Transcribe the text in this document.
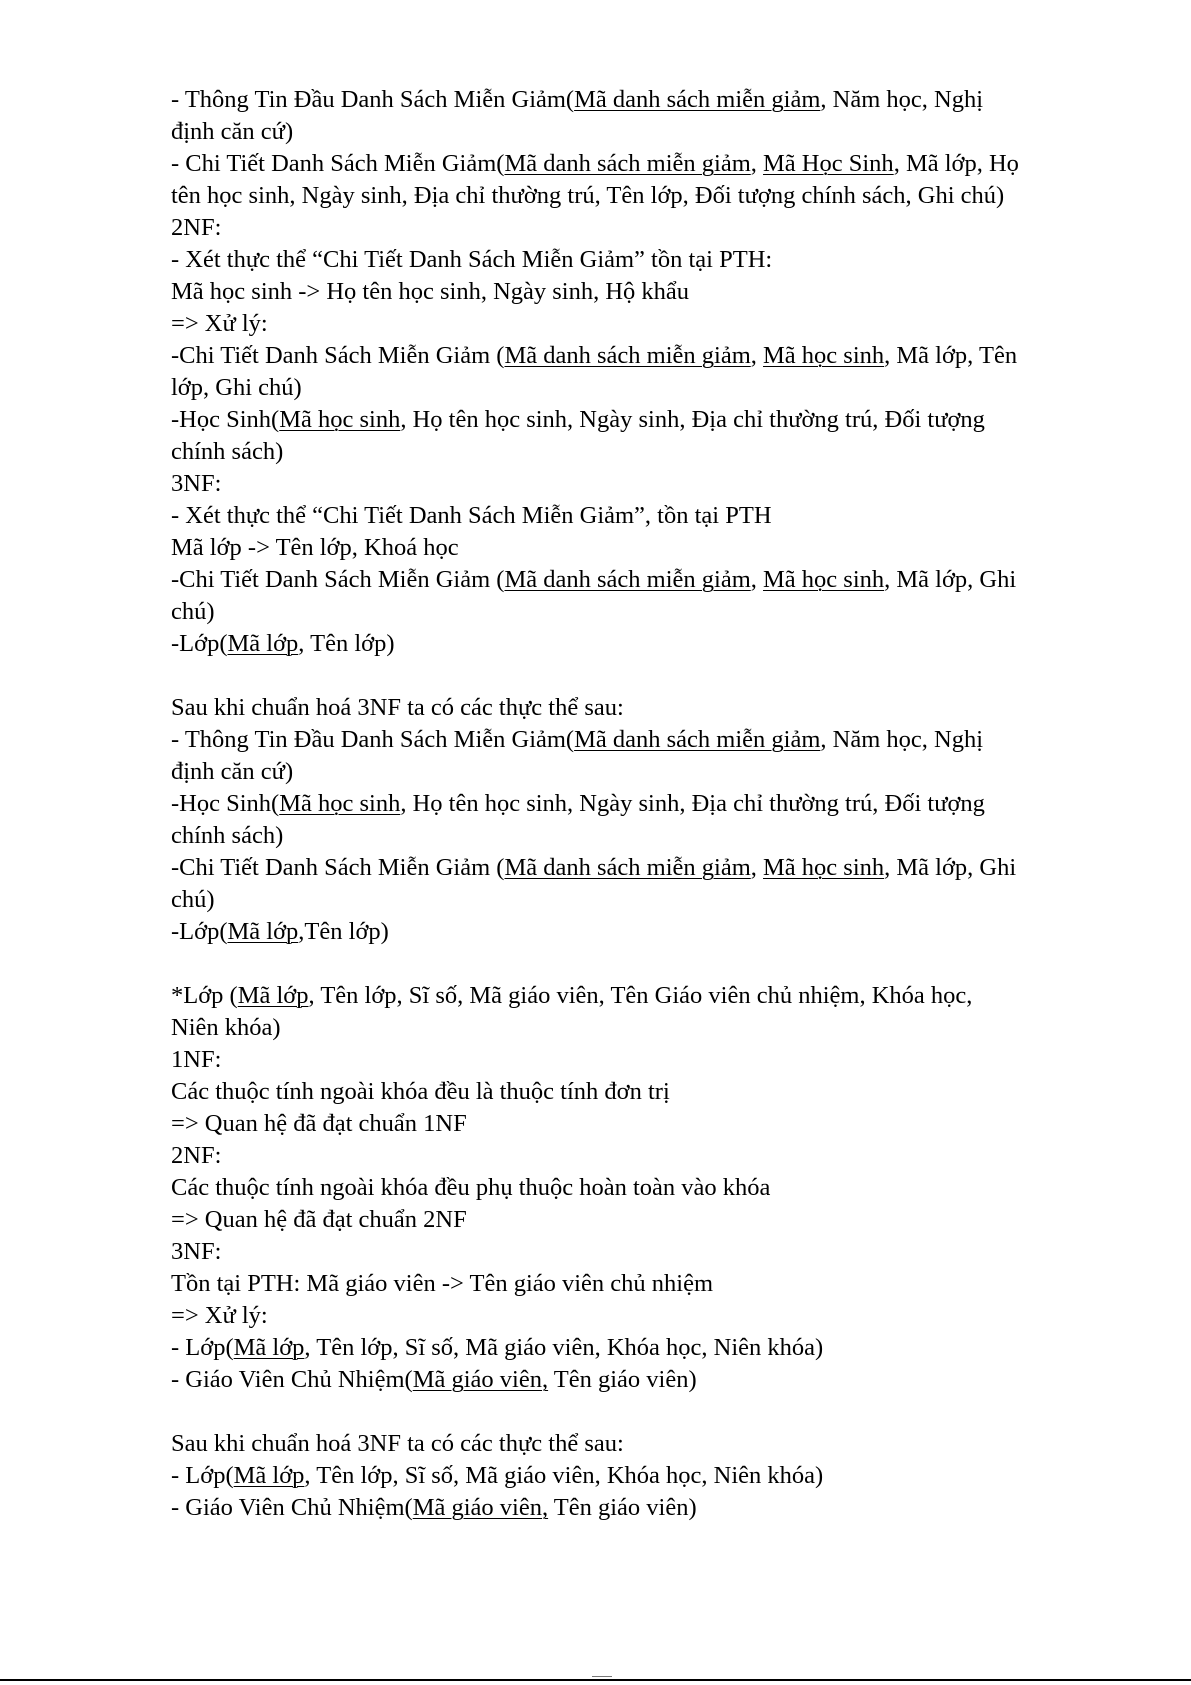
- Thông Tin Đầu Danh Sách Miễn Giảm(Mã danh sách miễn giảm, Năm học, Nghị
định căn cứ)
- Chi Tiết Danh Sách Miễn Giảm(Mã danh sách miễn giảm, Mã Học Sinh, Mã lớp, Họ
tên học sinh, Ngày sinh, Địa chỉ thường trú, Tên lớp, Đối tượng chính sách, Ghi chú)
2NF:
- Xét thực thể “Chi Tiết Danh Sách Miễn Giảm” tồn tại PTH:
Mã học sinh -> Họ tên học sinh, Ngày sinh, Hộ khẩu
=> Xử lý:
-Chi Tiết Danh Sách Miễn Giảm (Mã danh sách miễn giảm, Mã học sinh, Mã lớp, Tên
lớp, Ghi chú)
-Học Sinh(Mã học sinh, Họ tên học sinh, Ngày sinh, Địa chỉ thường trú, Đối tượng
chính sách)
3NF:
- Xét thực thể “Chi Tiết Danh Sách Miễn Giảm”, tồn tại PTH
Mã lớp -> Tên lớp, Khoá học
-Chi Tiết Danh Sách Miễn Giảm (Mã danh sách miễn giảm, Mã học sinh, Mã lớp, Ghi
chú)
-Lớp(Mã lớp, Tên lớp)
Sau khi chuẩn hoá 3NF ta có các thực thể sau:
- Thông Tin Đầu Danh Sách Miễn Giảm(Mã danh sách miễn giảm, Năm học, Nghị
định căn cứ)
-Học Sinh(Mã học sinh, Họ tên học sinh, Ngày sinh, Địa chỉ thường trú, Đối tượng
chính sách)
-Chi Tiết Danh Sách Miễn Giảm (Mã danh sách miễn giảm, Mã học sinh, Mã lớp, Ghi
chú)
-Lớp(Mã lớp,Tên lớp)
*Lớp (Mã lớp, Tên lớp, Sĩ số, Mã giáo viên, Tên Giáo viên chủ nhiệm, Khóa học,
Niên khóa)
1NF:
Các thuộc tính ngoài khóa đều là thuộc tính đơn trị
=> Quan hệ đã đạt chuẩn 1NF
2NF:
Các thuộc tính ngoài khóa đều phụ thuộc hoàn toàn vào khóa
=> Quan hệ đã đạt chuẩn 2NF
3NF:
Tồn tại PTH: Mã giáo viên -> Tên giáo viên chủ nhiệm
=> Xử lý:
- Lớp(Mã lớp, Tên lớp, Sĩ số, Mã giáo viên, Khóa học, Niên khóa)
- Giáo Viên Chủ Nhiệm(Mã giáo viên, Tên giáo viên)
Sau khi chuẩn hoá 3NF ta có các thực thể sau:
- Lớp(Mã lớp, Tên lớp, Sĩ số, Mã giáo viên, Khóa học, Niên khóa)
- Giáo Viên Chủ Nhiệm(Mã giáo viên, Tên giáo viên)
